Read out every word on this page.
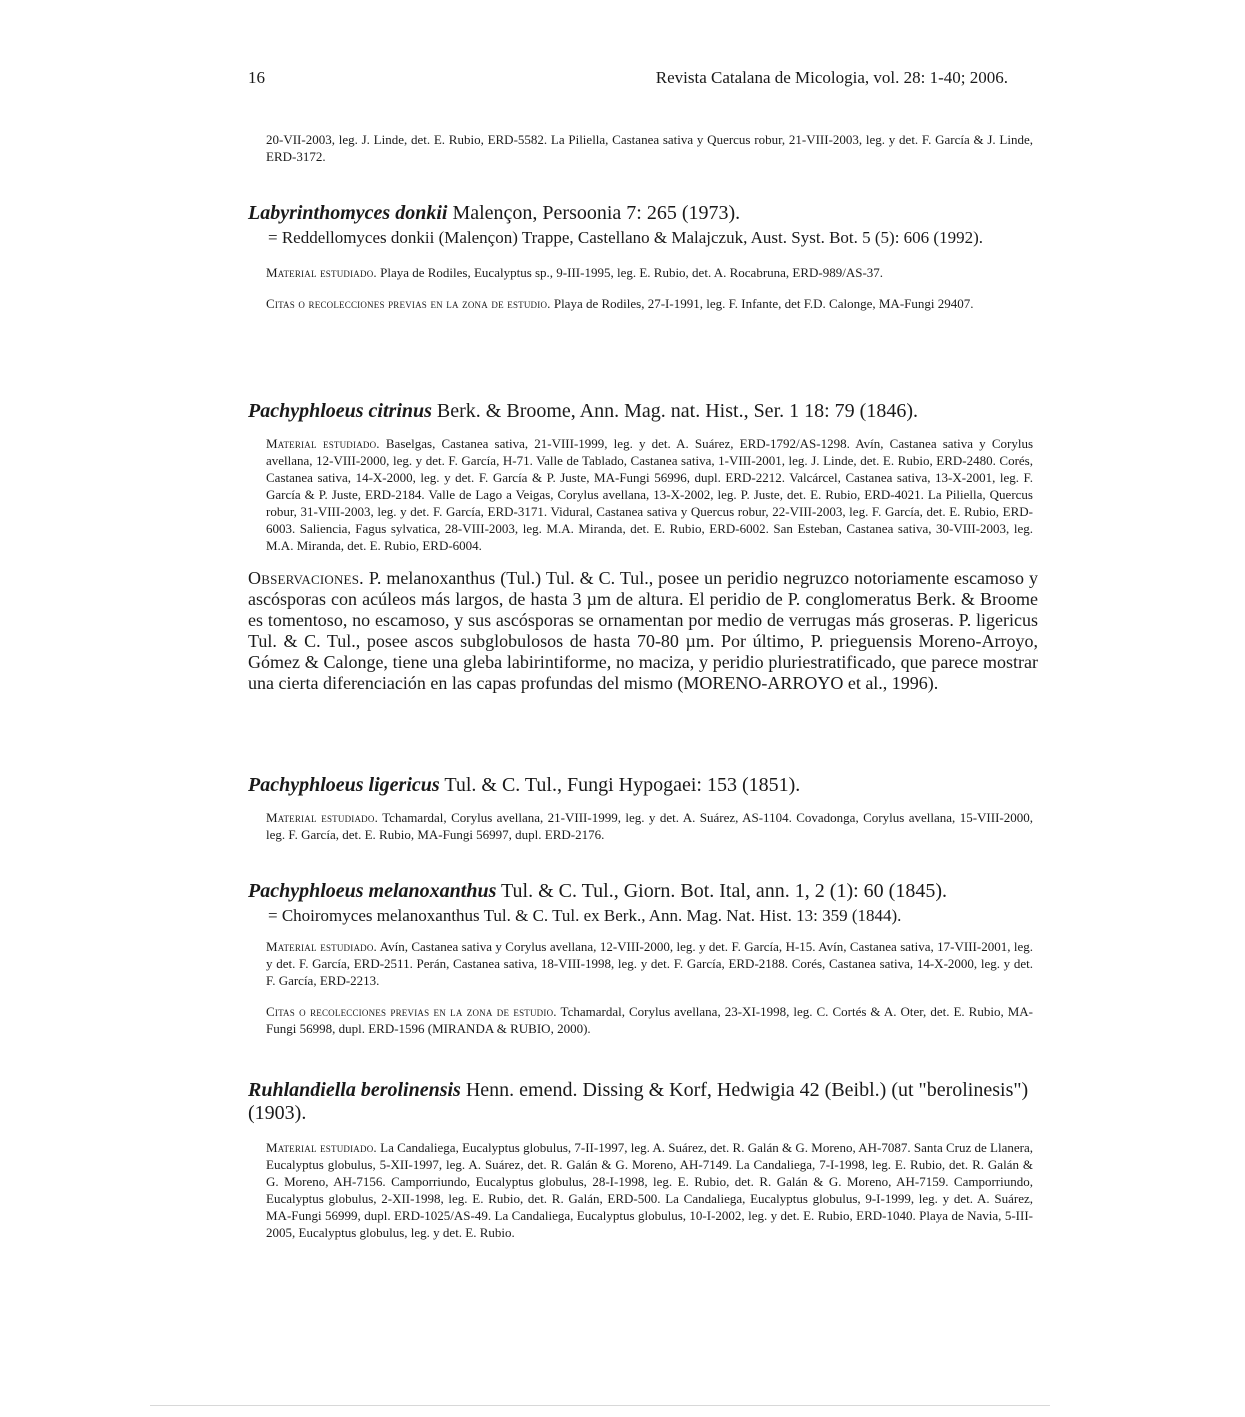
16	Revista Catalana de Micologia, vol. 28: 1-40; 2006.

20-VII-2003, leg. J. Linde, det. E. Rubio, ERD-5582. La Piliella, Castanea sativa y Quercus robur, 21-VIII-2003, leg. y det. F. García & J. Linde, ERD-3172.

Labyrinthomyces donkii Malençon, Persoonia 7: 265 (1973).

= Reddellomyces donkii (Malençon) Trappe, Castellano & Malajczuk, Aust. Syst. Bot. 5 (5): 606 (1992).

Material estudiado. Playa de Rodiles, Eucalyptus sp., 9-III-1995, leg. E. Rubio, det. A. Rocabruna, ERD-989/AS-37.

Citas o recolecciones previas en la zona de estudio. Playa de Rodiles, 27-I-1991, leg. F. Infante, det F.D. Calonge, MA-Fungi 29407.

Pachyphloeus citrinus Berk. & Broome, Ann. Mag. nat. Hist., Ser. 1 18: 79 (1846).

Material estudiado. Baselgas, Castanea sativa, 21-VIII-1999, leg. y det. A. Suárez, ERD-1792/AS-1298. Avín, Castanea sativa y Corylus avellana, 12-VIII-2000, leg. y det. F. García, H-71. Valle de Tablado, Castanea sativa, 1-VIII-2001, leg. J. Linde, det. E. Rubio, ERD-2480. Corés, Castanea sativa, 14-X-2000, leg. y det. F. García & P. Juste, MA-Fungi 56996, dupl. ERD-2212. Valcárcel, Castanea sativa, 13-X-2001, leg. F. García & P. Juste, ERD-2184. Valle de Lago a Veigas, Corylus avellana, 13-X-2002, leg. P. Juste, det. E. Rubio, ERD-4021. La Piliella, Quercus robur, 31-VIII-2003, leg. y det. F. García, ERD-3171. Vidural, Castanea sativa y Quercus robur, 22-VIII-2003, leg. F. García, det. E. Rubio, ERD-6003. Saliencia, Fagus sylvatica, 28-VIII-2003, leg. M.A. Miranda, det. E. Rubio, ERD-6002. San Esteban, Castanea sativa, 30-VIII-2003, leg. M.A. Miranda, det. E. Rubio, ERD-6004.

Observaciones. P. melanoxanthus (Tul.) Tul. & C. Tul., posee un peridio negruzco notoriamente escamoso y ascósporas con acúleos más largos, de hasta 3 µm de altura. El peridio de P. conglomeratus Berk. & Broome es tomentoso, no escamoso, y sus ascósporas se ornamentan por medio de verrugas más groseras. P. ligericus Tul. & C. Tul., posee ascos subglobulosos de hasta 70-80 µm. Por último, P. prieguensis Moreno-Arroyo, Gómez & Calonge, tiene una gleba labirintiforme, no maciza, y peridio pluriestratificado, que parece mostrar una cierta diferenciación en las capas profundas del mismo (MORENO-ARROYO et al., 1996).

Pachyphloeus ligericus Tul. & C. Tul., Fungi Hypogaei: 153 (1851).

Material estudiado. Tchamardal, Corylus avellana, 21-VIII-1999, leg. y det. A. Suárez, AS-1104. Covadonga, Corylus avellana, 15-VIII-2000, leg. F. García, det. E. Rubio, MA-Fungi 56997, dupl. ERD-2176.

Pachyphloeus melanoxanthus Tul. & C. Tul., Giorn. Bot. Ital, ann. 1, 2 (1): 60 (1845).

= Choiromyces melanoxanthus Tul. & C. Tul. ex Berk., Ann. Mag. Nat. Hist. 13: 359 (1844).

Material estudiado. Avín, Castanea sativa y Corylus avellana, 12-VIII-2000, leg. y det. F. García, H-15. Avín, Castanea sativa, 17-VIII-2001, leg. y det. F. García, ERD-2511. Perán, Castanea sativa, 18-VIII-1998, leg. y det. F. García, ERD-2188. Corés, Castanea sativa, 14-X-2000, leg. y det. F. García, ERD-2213.

Citas o recolecciones previas en la zona de estudio. Tchamardal, Corylus avellana, 23-XI-1998, leg. C. Cortés & A. Oter, det. E. Rubio, MA-Fungi 56998, dupl. ERD-1596 (MIRANDA & RUBIO, 2000).

Ruhlandiella berolinensis Henn. emend. Dissing & Korf, Hedwigia 42 (Beibl.) (ut "berolinesis") (1903).

Material estudiado. La Candaliega, Eucalyptus globulus, 7-II-1997, leg. A. Suárez, det. R. Galán & G. Moreno, AH-7087. Santa Cruz de Llanera, Eucalyptus globulus, 5-XII-1997, leg. A. Suárez, det. R. Galán & G. Moreno, AH-7149. La Candaliega, 7-I-1998, leg. E. Rubio, det. R. Galán & G. Moreno, AH-7156. Camporriundo, Eucalyptus globulus, 28-I-1998, leg. E. Rubio, det. R. Galán & G. Moreno, AH-7159. Camporriundo, Eucalyptus globulus, 2-XII-1998, leg. E. Rubio, det. R. Galán, ERD-500. La Candaliega, Eucalyptus globulus, 9-I-1999, leg. y det. A. Suárez, MA-Fungi 56999, dupl. ERD-1025/AS-49. La Candaliega, Eucalyptus globulus, 10-I-2002, leg. y det. E. Rubio, ERD-1040. Playa de Navia, 5-III-2005, Eucalyptus globulus, leg. y det. E. Rubio.
